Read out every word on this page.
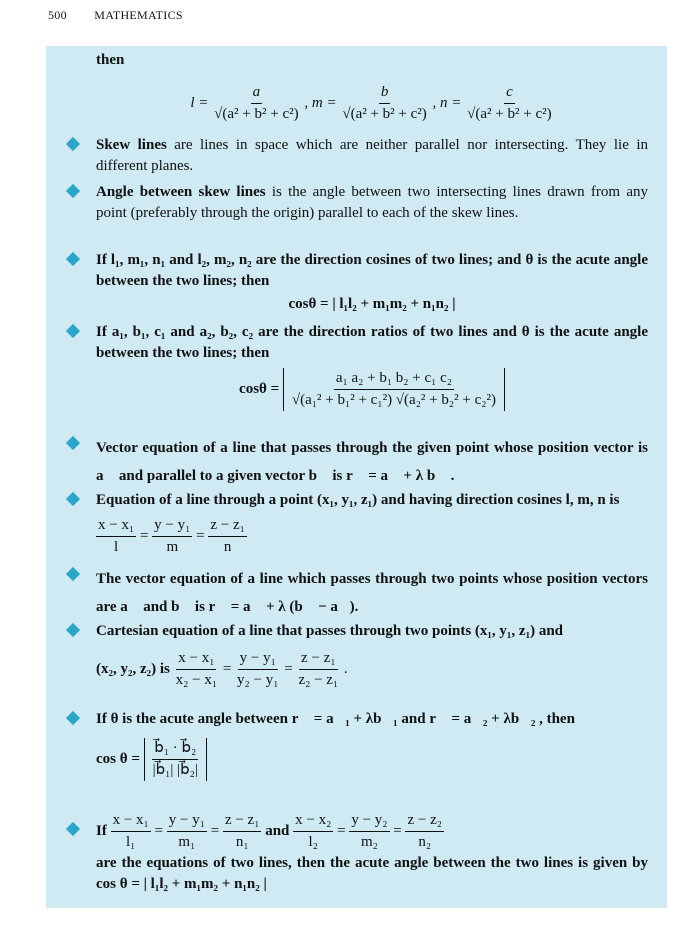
500 MATHEMATICS
then
$l = \frac{a}{\text{√(a² + b² + c²)}}$ , $m = \frac{b}{\text{√(a² + b² + c²)}}$ , $n = \frac{c}{\text{√(a² + b² + c²)}}$
Skew lines are lines in space which are neither parallel nor intersecting. They lie in different planes.
Angle between skew lines is the angle between two intersecting lines drawn from any point (preferably through the origin) parallel to each of the skew lines.
If l₁, m₁, n₁ and l₂, m₂, n₂ are the direction cosines of two lines; and θ is the acute angle between the two lines; then
cosθ = | l₁l₂ + m₁m₂ + n₁n₂ |
If a₁, b₁, c₁ and a₂, b₂, c₂ are the direction ratios of two lines and θ is the acute angle between the two lines; then
$\cos\theta = \frac{\text{a₁ a₂ + b₁ b₂ + c₁ c₂}}{\text{√(a₁² + b₁² + c₁²) √(a₂² + b₂² + c₂²)}}$
Vector equation of a line that passes through the given point whose position vector is a⃗ and parallel to a given vector b⃗ is r⃗ = a⃗ + λ b⃗ .
Equation of a line through a point (x₁, y₁, z₁) and having direction cosines l, m, n is
$\frac{\text{x − x₁}}{l} = \frac{\text{y − y₁}}{m} = \frac{\text{z − z₁}}{n}$
The vector equation of a line which passes through two points whose position vectors are a⃗ and b⃗ is r⃗ = a⃗ + λ (b⃗ − a⃗).
Cartesian equation of a line that passes through two points (x₁, y₁, z₁) and
(x₂, y₂, z₂) is $\frac{\text{x − x₁}}{\text{x₂ − x₁}} = \frac{\text{y − y₁}}{\text{y₂ − y₁}} = \frac{\text{z − z₁}}{\text{z₂ − z₁}}$ .
If θ is the acute angle between r⃗ = a⃗₁ + λb⃗₁ and r⃗ = a⃗₂ + λb⃗₂ , then
$\cos \theta = \frac{\text{b⃗₁ · b⃗₂}}{\text{|b⃗₁| |b⃗₂|}}$
If $\frac{\text{x − x₁}}{\text{l₁}} = \frac{\text{y − y₁}}{\text{m₁}} = \frac{\text{z − z₁}}{\text{n₁}}$ and $\frac{\text{x − x₂}}{\text{l₂}} = \frac{\text{y − y₂}}{\text{m₂}} = \frac{\text{z − z₂}}{\text{n₂}}$
are the equations of two lines, then the acute angle between the two lines is given by cos θ = | l₁l₂ + m₁m₂ + n₁n₂ |
